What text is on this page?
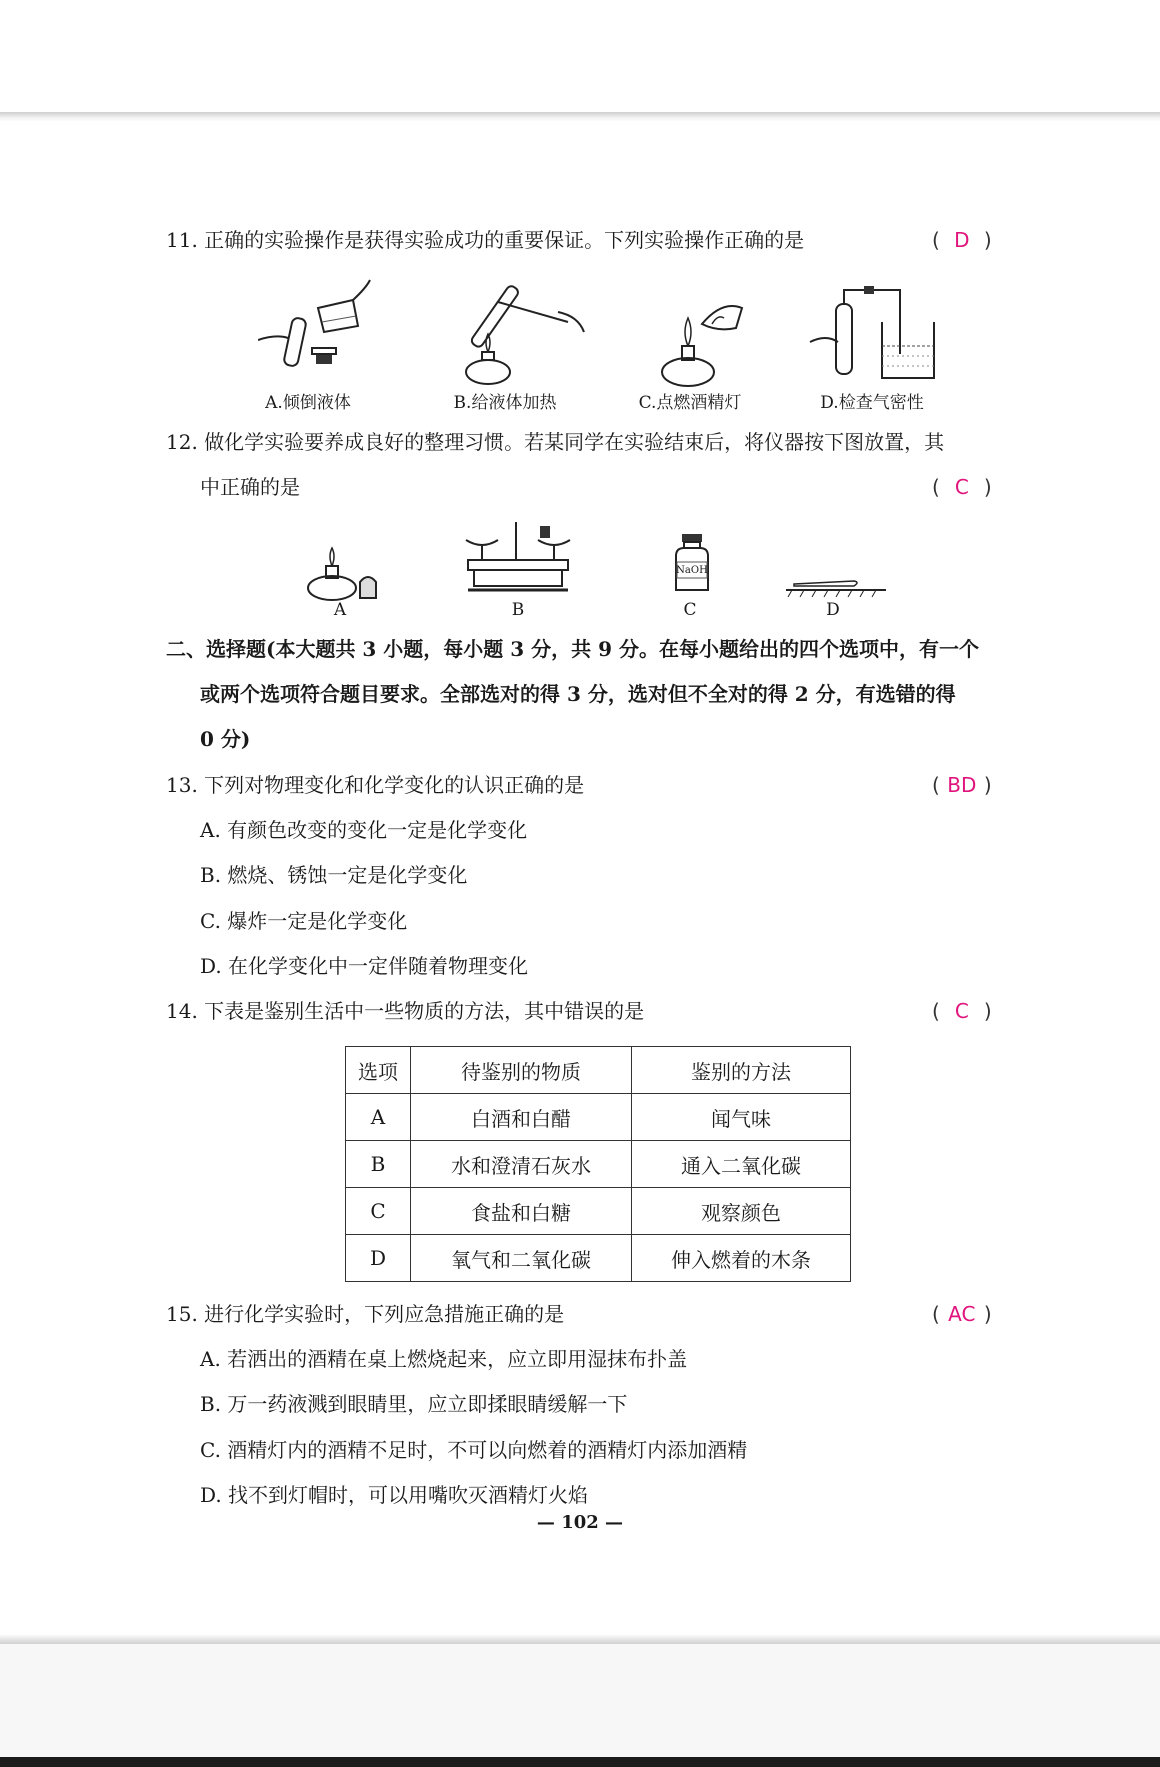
11. 正确的实验操作是获得实验成功的重要保证。下列实验操作正确的是	( D )
A.倾倒液体	B.给液体加热	C.点燃酒精灯	D.检查气密性
12. 做化学实验要养成良好的整理习惯。若某同学在实验结束后，将仪器按下图放置，其
中正确的是	( C )
A	B
NaOH
C	D
二、选择题(本大题共 3 小题，每小题 3 分，共 9 分。在每小题给出的四个选项中，有一个
或两个选项符合题目要求。全部选对的得 3 分，选对但不全对的得 2 分，有选错的得
0 分)
13. 下列对物理变化和化学变化的认识正确的是	( BD )
A. 有颜色改变的变化一定是化学变化
B. 燃烧、锈蚀一定是化学变化
C. 爆炸一定是化学变化
D. 在化学变化中一定伴随着物理变化
14. 下表是鉴别生活中一些物质的方法，其中错误的是	( C )
选项	待鉴别的物质	鉴别的方法
A	白酒和白醋	闻气味
B	水和澄清石灰水	通入二氧化碳
C	食盐和白糖	观察颜色
D	氧气和二氧化碳	伸入燃着的木条
15. 进行化学实验时，下列应急措施正确的是	( AC )
A. 若洒出的酒精在桌上燃烧起来，应立即用湿抹布扑盖
B. 万一药液溅到眼睛里，应立即揉眼睛缓解一下
C. 酒精灯内的酒精不足时，不可以向燃着的酒精灯内添加酒精
D. 找不到灯帽时，可以用嘴吹灭酒精灯火焰
— 102 —
